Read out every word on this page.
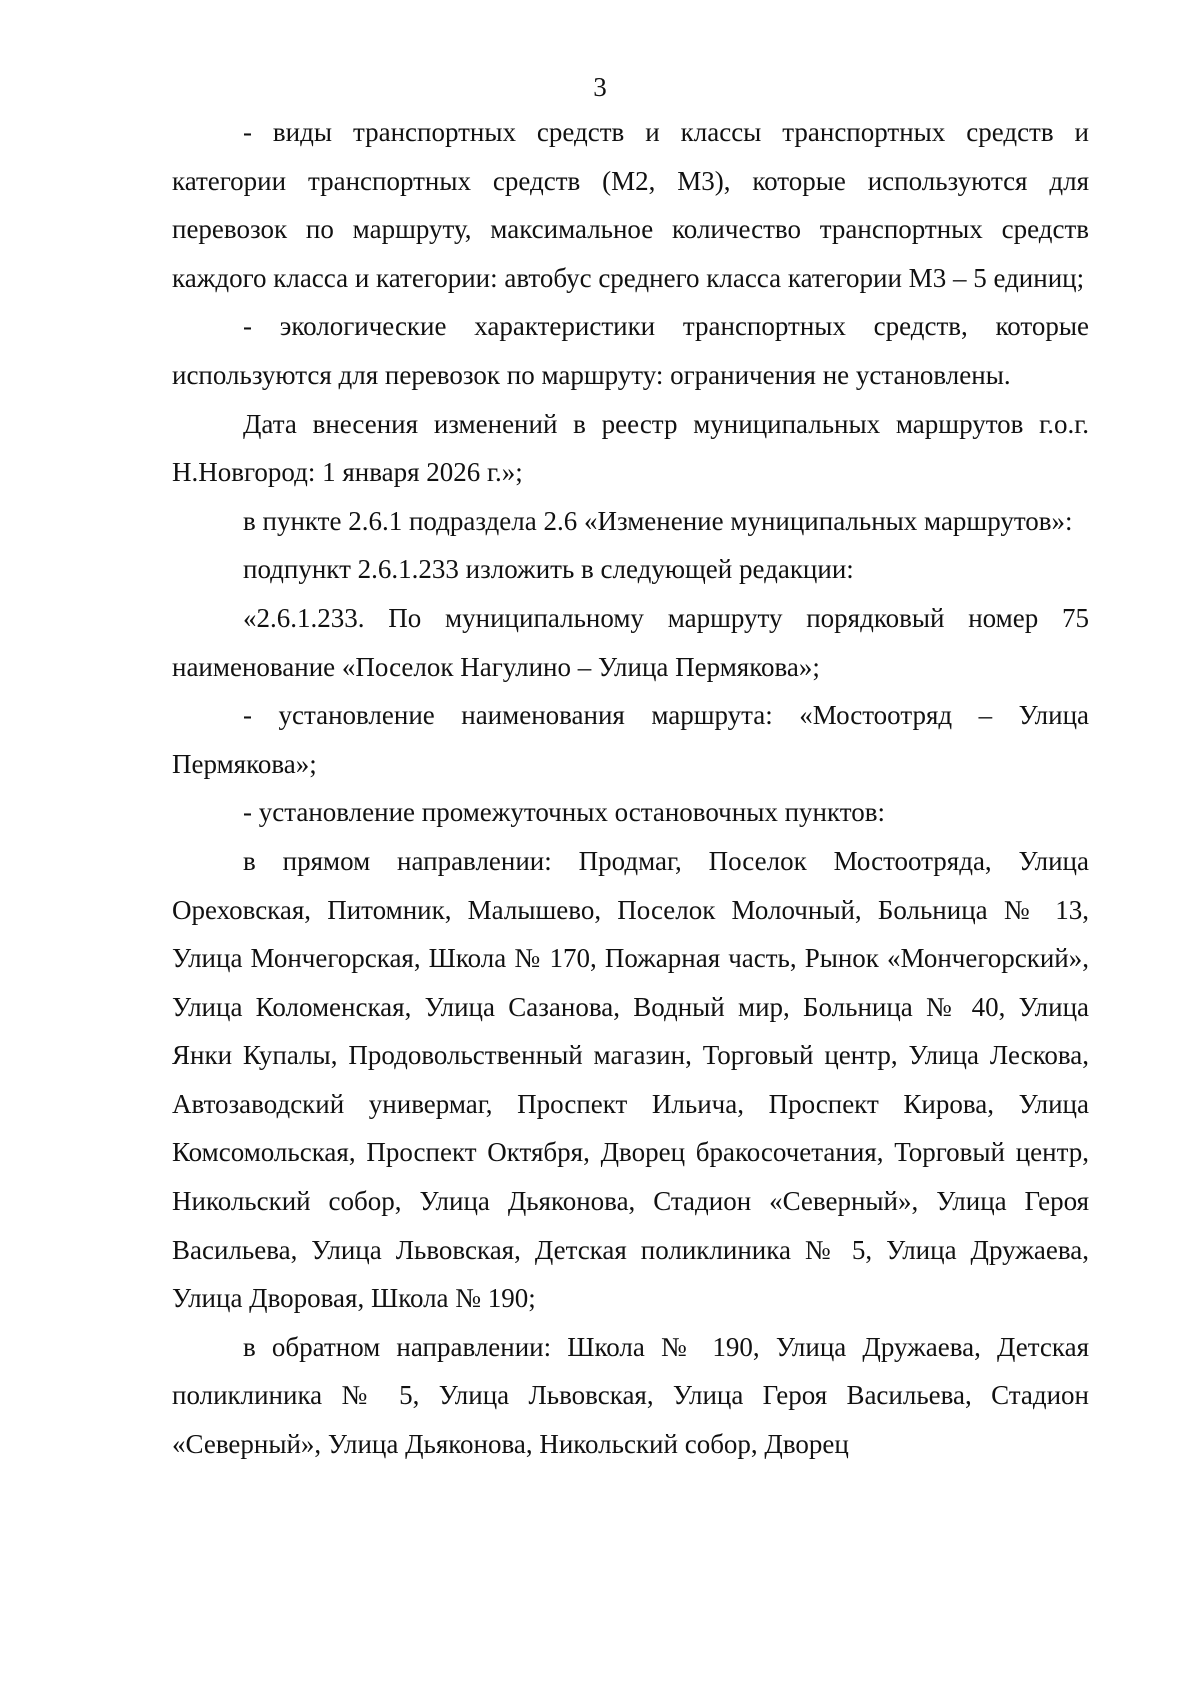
3

- виды транспортных средств и классы транспортных средств и категории транспортных средств (М2, М3), которые используются для перевозок по маршруту, максимальное количество транспортных средств каждого класса и категории: автобус среднего класса категории М3 – 5 единиц;

- экологические характеристики транспортных средств, которые используются для перевозок по маршруту: ограничения не установлены.

Дата внесения изменений в реестр муниципальных маршрутов г.о.г. Н.Новгород: 1 января 2026 г.»;

в пункте 2.6.1 подраздела 2.6 «Изменение муниципальных маршрутов»:

подпункт 2.6.1.233 изложить в следующей редакции:

«2.6.1.233. По муниципальному маршруту порядковый номер 75 наименование «Поселок Нагулино – Улица Пермякова»;

- установление наименования маршрута: «Мостоотряд – Улица Пермякова»;

- установление промежуточных остановочных пунктов:

в прямом направлении: Продмаг, Поселок Мостоотряда, Улица Ореховская, Питомник, Малышево, Поселок Молочный, Больница № 13, Улица Мончегорская, Школа № 170, Пожарная часть, Рынок «Мончегорский», Улица Коломенская, Улица Сазанова, Водный мир, Больница № 40, Улица Янки Купалы, Продовольственный магазин, Торговый центр, Улица Лескова, Автозаводский универмаг, Проспект Ильича, Проспект Кирова, Улица Комсомольская, Проспект Октября, Дворец бракосочетания, Торговый центр, Никольский собор, Улица Дьяконова, Стадион «Северный», Улица Героя Васильева, Улица Львовская, Детская поликлиника № 5, Улица Дружаева, Улица Дворовая, Школа № 190;

в обратном направлении: Школа № 190, Улица Дружаева, Детская поликлиника № 5, Улица Львовская, Улица Героя Васильева, Стадион «Северный», Улица Дьяконова, Никольский собор, Дворец
